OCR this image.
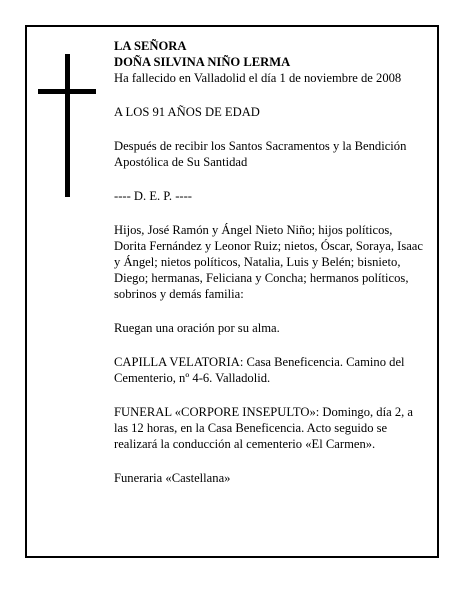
LA SEÑORA

DOÑA SILVINA NIÑO LERMA

Ha fallecido en Valladolid el día 1 de noviembre de 2008

A LOS 91 AÑOS DE EDAD

Después de recibir los Santos Sacramentos y la Bendición Apostólica de Su Santidad

---- D. E. P. ----

Hijos, José Ramón y Ángel Nieto Niño; hijos políticos, Dorita Fernández y Leonor Ruiz; nietos, Óscar, Soraya, Isaac y Ángel; nietos políticos, Natalia, Luis y Belén; bisnieto, Diego; hermanas, Feliciana y Concha; hermanos políticos, sobrinos y demás familia:

Ruegan una oración por su alma.

CAPILLA VELATORIA: Casa Beneficencia. Camino del Cementerio, nº 4-6. Valladolid.

FUNERAL «CORPORE INSEPULTO»: Domingo, día 2, a las 12 horas, en la Casa Beneficencia. Acto seguido se realizará la conducción al cementerio «El Carmen».

Funeraria «Castellana»
